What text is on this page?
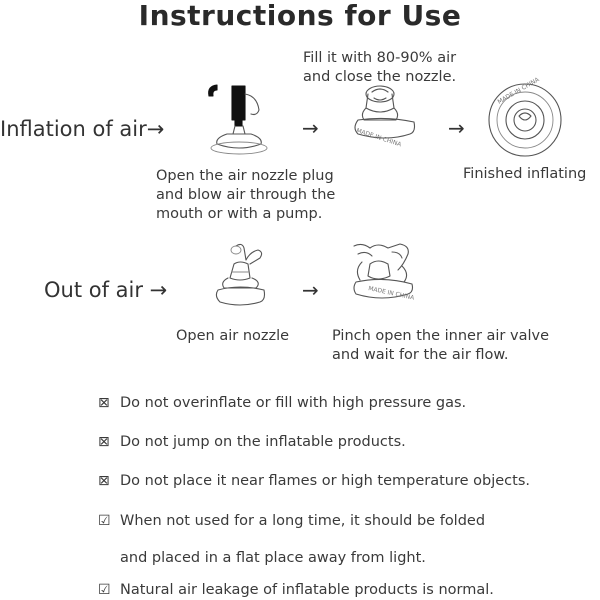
Instructions for Use
Inflation of air→	→
Fill it with 80-90% air
and close the nozzle.
MADE IN CHINA →
MADE IN CHINA
Open the air nozzle plug
and blow air through the
mouth or with a pump.
Finished inflating
Out of air →	→	MADE IN CHINA
Open air nozzle	Pinch open the inner air valve
and wait for the air flow.
⊠ Do not overinflate or fill with high pressure gas.
⊠ Do not jump on the inflatable products.
⊠ Do not place it near flames or high temperature objects.
☑ When not used for a long time, it should be folded
and placed in a flat place away from light.
☑ Natural air leakage of inflatable products is normal.
